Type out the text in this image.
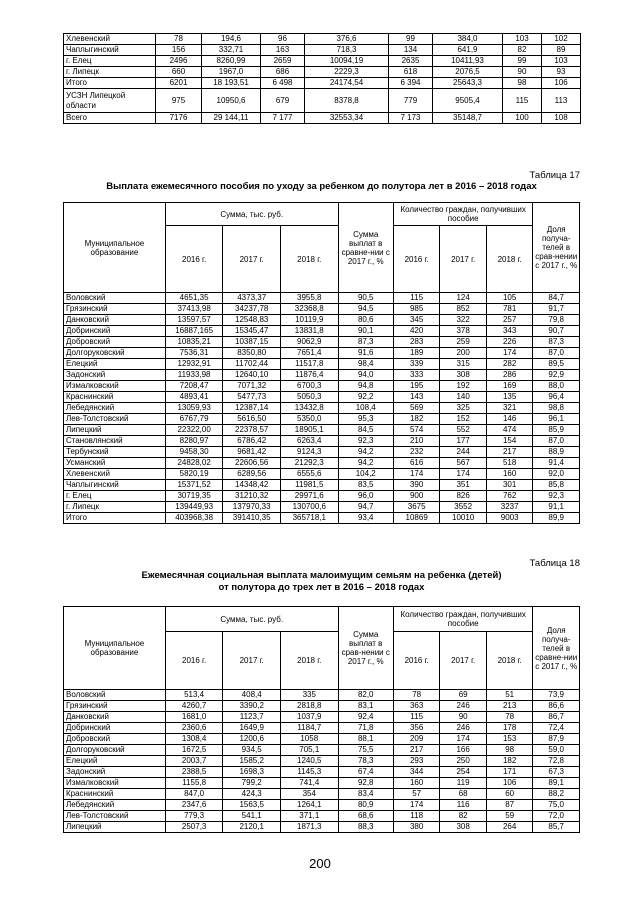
Хлевенский	78	194,6	96	376,6	99	384,0	103	102
Чаплыгинский	156	332,71	163	718,3	134	641,9	82	89
г. Елец	2496	8260,99	2659	10094,19	2635	10411,93	99	103
г. Липецк	660	1967,0	686	2229,3	618	2076,5	90	93
Итого	6201	18 193,51	6 498	24174,54	6 394	25643,3	98	106
УСЗН Липецкой области	975	10950,6	679	8378,8	779	9505,4	115	113
Всего	7176	29 144,11	7 177	32553,34	7 173	35148,7	100	108
Таблица 17
Выплата ежемесячного пособия по уходу за ребенком до полутора лет в 2016 – 2018 годах
Муниципальное образование	Сумма, тыс. руб.			Сумма выплат в сравне-нии с 2017 г., %	Количество граждан, получивших пособие			Доля получа-телей в срав-нении с 2017 г., %
	2016 г.	2017 г.	2018 г.		2016 г.	2017 г.	2018 г.	
Воловский	4651,35	4373,37	3955,8	90,5	115	124	105	84,7
Грязинский	37413,98	34237,78	32368,8	94,5	985	852	781	91,7
Данковский	13597,57	12548,83	10119,9	80,6	345	322	257	79,8
Добринский	16887,165	15345,47	13831,8	90,1	420	378	343	90,7
Добровский	10835,21	10387,15	9062,9	87,3	283	259	226	87,3
Долгоруковский	7536,31	8350,80	7651,4	91,6	189	200	174	87,0
Елецкий	12932,91	11702,44	11517,8	98,4	339	315	282	89,5
Задонский	11933,98	12640,10	11876,4	94,0	333	308	286	92,9
Измалковский	7208,47	7071,32	6700,3	94,8	195	192	169	88,0
Краснинский	4893,41	5477,73	5050,3	92,2	143	140	135	96,4
Лебедянский	13059,93	12387,14	13432,8	108,4	569	325	321	98,8
Лев-Толстовский	6767,79	5616,50	5350,0	95,3	182	152	146	96,1
Липецкий	22322,00	22378,57	18905,1	84,5	574	552	474	85,9
Становлянский	8280,97	6786,42	6263,4	92,3	210	177	154	87,0
Тербунский	9458,30	9681,42	9124,3	94,2	232	244	217	88,9
Усманский	24828,02	22606,56	21292,3	94,2	616	567	518	91,4
Хлевенский	5820,19	6289,56	6555,6	104,2	174	174	160	92,0
Чаплыгинский	15371,52	14348,42	11981,5	83,5	390	351	301	85,8
г. Елец	30719,35	31210,32	29971,6	96,0	900	826	762	92,3
г. Липецк	139449,93	137970,33	130700,6	94,7	3675	3552	3237	91,1
Итого	403968,38	391410,35	365718,1	93,4	10869	10010	9003	89,9
Таблица 18
Ежемесячная социальная выплата малоимущим семьям на ребенка (детей)
от полутора до трех лет в 2016 – 2018 годах
Муниципальное образование	Сумма, тыс. руб.			Сумма выплат в срав-нении с 2017 г., %	Количество граждан, получивших пособие			Доля получа-телей в сравне-нии с 2017 г., %
	2016 г.	2017 г.	2018 г.		2016 г.	2017 г.	2018 г.	
Воловский	513,4	408,4	335	82,0	78	69	51	73,9
Грязинский	4260,7	3390,2	2818,8	83,1	363	246	213	86,6
Данковский	1681,0	1123,7	1037,9	92,4	115	90	78	86,7
Добринский	2360,6	1649,9	1184,7	71,8	356	246	178	72,4
Добровский	1308,4	1200,6	1058	88,1	209	174	153	87,9
Долгоруковский	1672,5	934,5	705,1	75,5	217	166	98	59,0
Елецкий	2003,7	1585,2	1240,5	78,3	293	250	182	72,8
Задонский	2388,5	1698,3	1145,3	67,4	344	254	171	67,3
Измалковский	1155,8	799,2	741,4	92,8	160	119	106	89,1
Краснинский	847,0	424,3	354	83,4	57	68	60	88,2
Лебедянский	2347,6	1563,5	1264,1	80,9	174	116	87	75,0
Лев-Толстовский	779,3	541,1	371,1	68,6	118	82	59	72,0
Липецкий	2507,3	2120,1	1871,3	88,3	380	308	264	85,7
200
